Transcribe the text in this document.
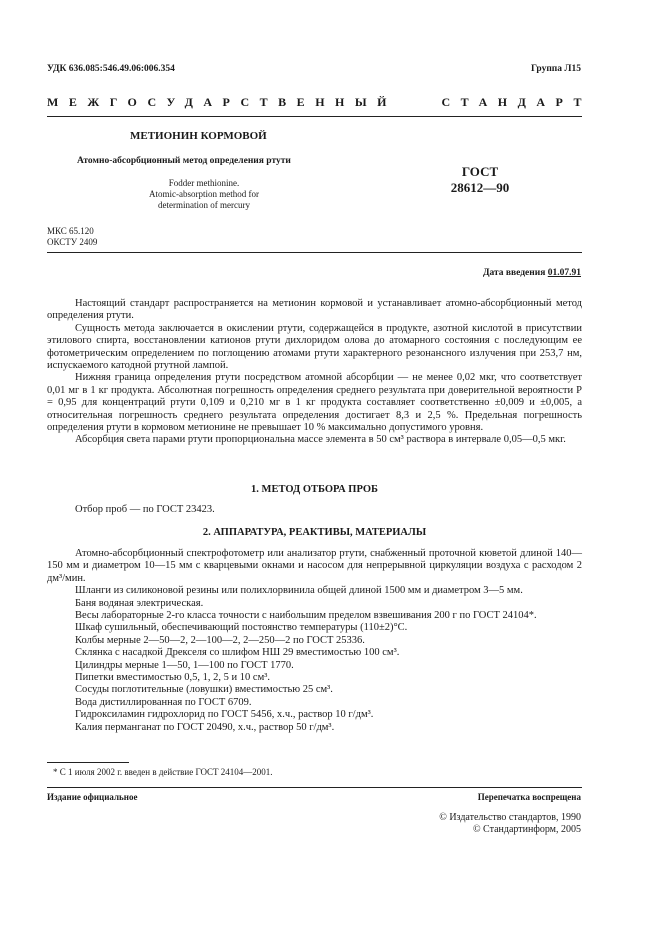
УДК 636.085:546.49.06:006.354	Группа Л15
МЕЖГОСУДАРСТВЕННЫЙ	СТАНДАРТ
МЕТИОНИН КОРМОВОЙ
Атомно-абсорбционный метод определения ртути
Fodder methionine.
Atomic-absorption method for
determination of mercury
ГОСТ
28612—90
МКС 65.120
ОКСТУ 2409
Дата введения 01.07.91

Настоящий стандарт распространяется на метионин кормовой и устанавливает атомно-абсорбционный метод определения ртути.

Сущность метода заключается в окислении ртути, содержащейся в продукте, азотной кислотой в присутствии этилового спирта, восстановлении катионов ртути дихлоридом олова до атомарного состояния с последующим ее фотометрическим определением по поглощению атомами ртути характерного резонансного излучения при 253,7 нм, испускаемого катодной ртутной лампой.

Нижняя граница определения ртути посредством атомной абсорбции — не менее 0,02 мкг, что соответствует 0,01 мг в 1 кг продукта. Абсолютная погрешность определения среднего результата при доверительной вероятности P = 0,95 для концентраций ртути 0,109 и 0,210 мг в 1 кг продукта составляет соответственно ±0,009 и ±0,005, а относительная погрешность среднего результата определения достигает 8,3 и 2,5 %. Предельная погрешность определения ртути в кормовом метионине не превышает 10 % максимально допустимого уровня.

Абсорбция света парами ртути пропорциональна массе элемента в 50 см³ раствора в интервале 0,05—0,5 мкг.

1. МЕТОД ОТБОРА ПРОБ

Отбор проб — по ГОСТ 23423.

2. АППАРАТУРА, РЕАКТИВЫ, МАТЕРИАЛЫ

Атомно-абсорбционный спектрофотометр или анализатор ртути, снабженный проточной кюветой длиной 140—150 мм и диаметром 10—15 мм с кварцевыми окнами и насосом для непрерывной циркуляции воздуха с расходом 2 дм³/мин.

Шланги из силиконовой резины или полихлорвинила общей длиной 1500 мм и диаметром 3—5 мм.

Баня водяная электрическая.

Весы лабораторные 2-го класса точности с наибольшим пределом взвешивания 200 г по ГОСТ 24104*.

Шкаф сушильный, обеспечивающий постоянство температуры (110±2)°С.

Колбы мерные 2—50—2, 2—100—2, 2—250—2 по ГОСТ 25336.

Склянка с насадкой Дрекселя со шлифом НШ 29 вместимостью 100 см³.

Цилиндры мерные 1—50, 1—100 по ГОСТ 1770.

Пипетки вместимостью 0,5, 1, 2, 5 и 10 см³.

Сосуды поглотительные (ловушки) вместимостью 25 см³.

Вода дистиллированная по ГОСТ 6709.

Гидроксиламин гидрохлорид по ГОСТ 5456, х.ч., раствор 10 г/дм³.

Калия перманганат по ГОСТ 20490, х.ч., раствор 50 г/дм³.

* С 1 июля 2002 г. введен в действие ГОСТ 24104—2001.
Издание официальное	Перепечатка воспрещена
© Издательство стандартов, 1990
© Стандартинформ, 2005
